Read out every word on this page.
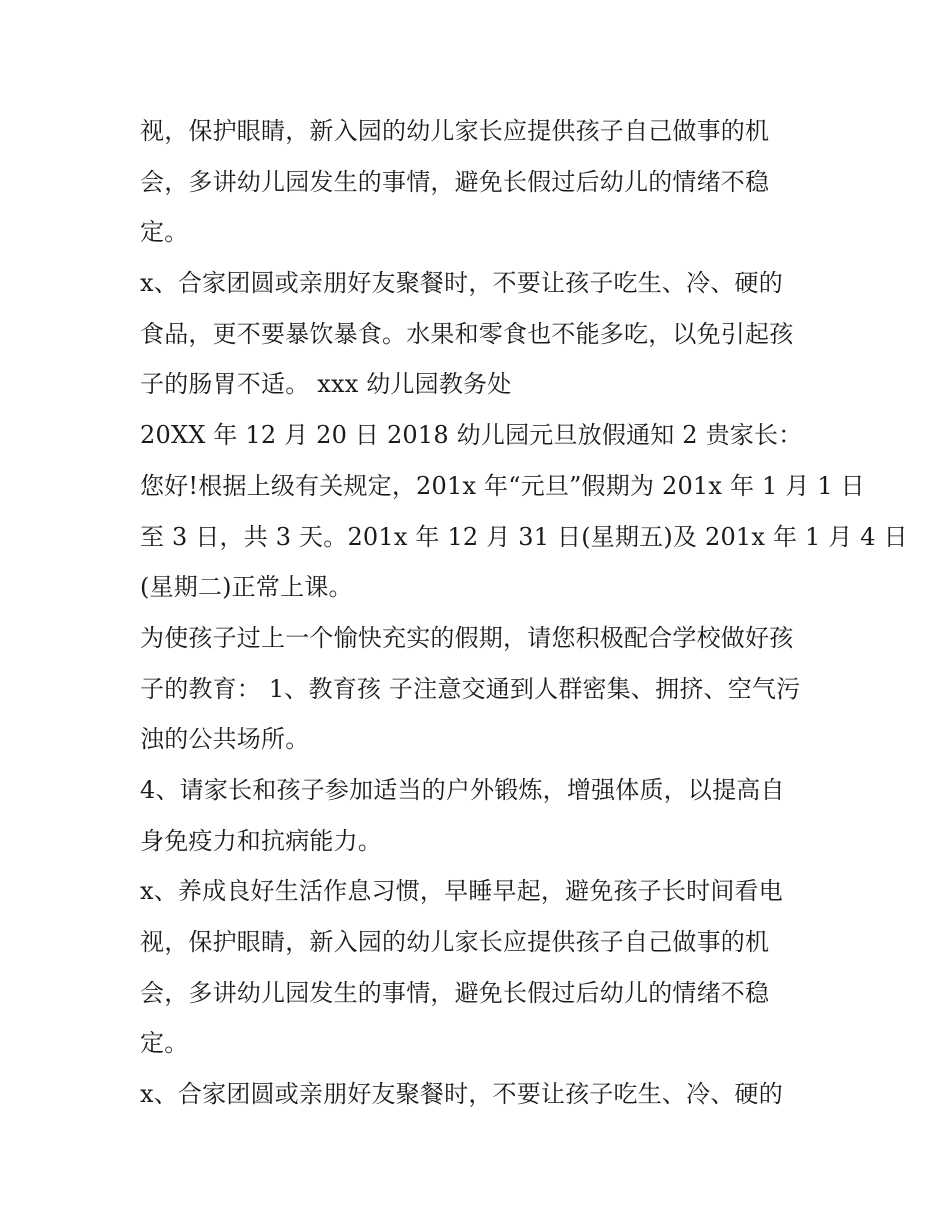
视，保护眼睛，新入园的幼儿家长应提供孩子自己做事的机
会，多讲幼儿园发生的事情，避免长假过后幼儿的情绪不稳
定。
x、合家团圆或亲朋好友聚餐时，不要让孩子吃生、冷、硬的
食品，更不要暴饮暴食。水果和零食也不能多吃，以免引起孩
子的肠胃不适。 xxx 幼儿园教务处
20XX 年 12 月 20 日 2018 幼儿园元旦放假通知 2 贵家长：
您好!根据上级有关规定，201x 年“元旦”假期为 201x 年 1 月 1 日
至 3 日，共 3 天。201x 年 12 月 31 日(星期五)及 201x 年 1 月 4 日
(星期二)正常上课。
为使孩子过上一个愉快充实的假期，请您积极配合学校做好孩
子的教育： 1、教育孩 子注意交通到人群密集、拥挤、空气污
浊的公共场所。
4、请家长和孩子参加适当的户外锻炼，增强体质，以提高自
身免疫力和抗病能力。
x、养成良好生活作息习惯，早睡早起，避免孩子长时间看电
视，保护眼睛，新入园的幼儿家长应提供孩子自己做事的机
会，多讲幼儿园发生的事情，避免长假过后幼儿的情绪不稳
定。
x、合家团圆或亲朋好友聚餐时，不要让孩子吃生、冷、硬的
